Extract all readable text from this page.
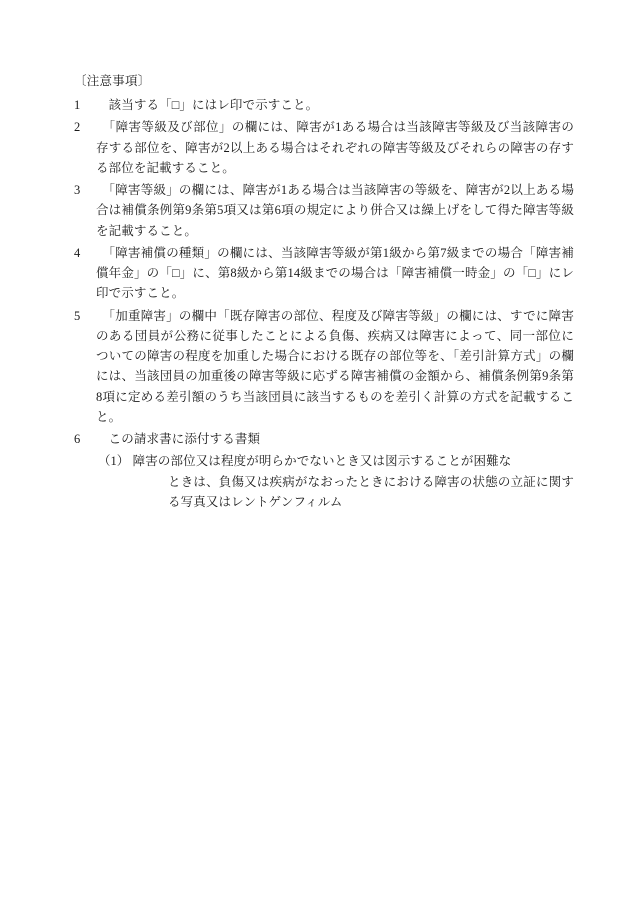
〔注意事項〕
1	　該当する「□」にはレ印で示すこと。
2	　「障害等級及び部位」の欄には、障害が1ある場合は当該障害等級及び当該障害の存する部位を、障害が2以上ある場合はそれぞれの障害等級及びそれらの障害の存する部位を記載すること。
3	　「障害等級」の欄には、障害が1ある場合は当該障害の等級を、障害が2以上ある場合は補償条例第9条第5項又は第6項の規定により併合又は繰上げをして得た障害等級を記載すること。
4	　「障害補償の種類」の欄には、当該障害等級が第1級から第7級までの場合「障害補償年金」の「□」に、第8級から第14級までの場合は「障害補償一時金」の「□」にレ印で示すこと。
5	　「加重障害」の欄中「既存障害の部位、程度及び障害等級」の欄には、すでに障害のある団員が公務に従事したことによる負傷、疾病又は障害によって、同一部位についての障害の程度を加重した場合における既存の部位等を、「差引計算方式」の欄には、当該団員の加重後の障害等級に応ずる障害補償の金額から、補償条例第9条第8項に定める差引額のうち当該団員に該当するものを差引く計算の方式を記載すること。
6	　この請求書に添付する書類
（1）
　障害の部位又は程度が明らかでないとき又は図示することが困難な
ときは、負傷又は疾病がなおったときにおける障害の状態の立証に関する写真又はレントゲンフィルム
